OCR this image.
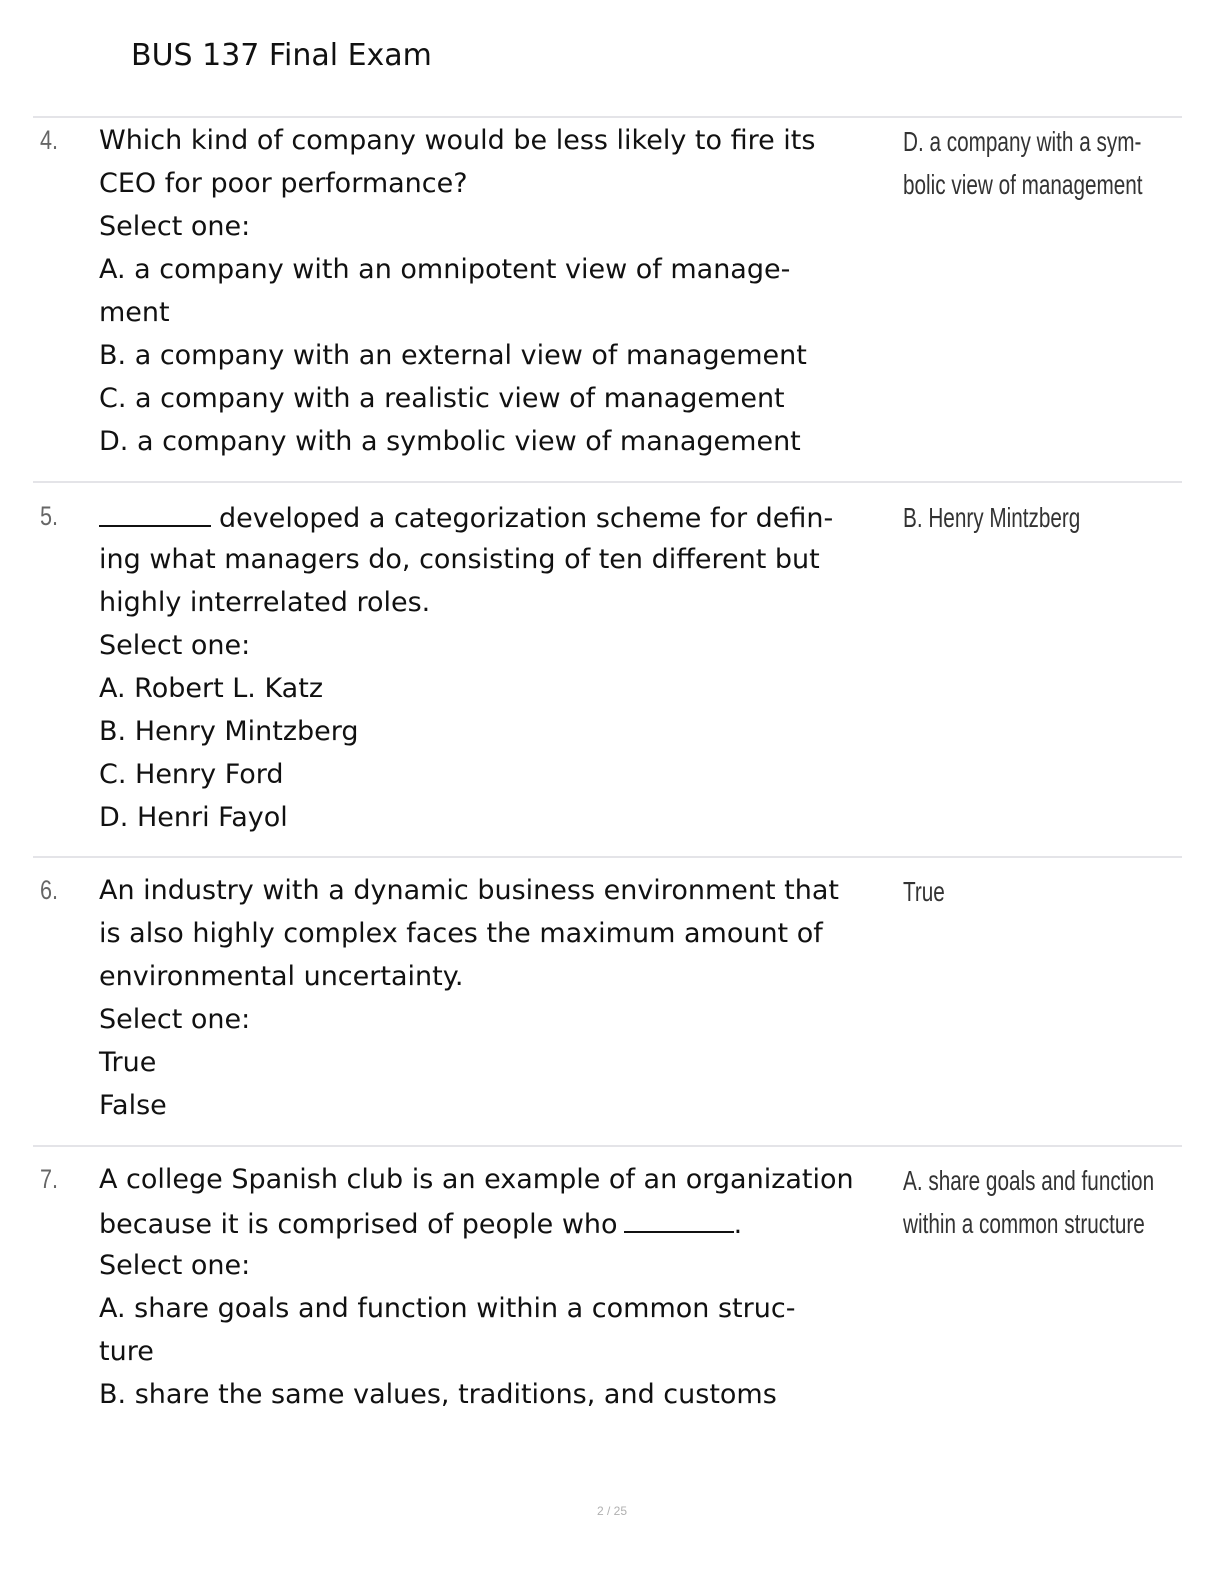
BUS 137 Final Exam
4. Which kind of company would be less likely to fire its
CEO for poor performance?
Select one:
A. a company with an omnipotent view of manage-
ment
B. a company with an external view of management
C. a company with a realistic view of management
D. a company with a symbolic view of management
D. a company with a sym-
bolic view of management
5.	developed a categorization scheme for defin-
ing what managers do, consisting of ten different but
highly interrelated roles.
Select one:
A. Robert L. Katz
B. Henry Mintzberg
C. Henry Ford
D. Henri Fayol
B. Henry Mintzberg
6. An industry with a dynamic business environment that
is also highly complex faces the maximum amount of
environmental uncertainty.
Select one:
True
False
True
7. A college Spanish club is an example of an organization
because it is comprised of people who	.
Select one:
A. share goals and function within a common struc-
ture
B. share the same values, traditions, and customs
A. share goals and function
within a common structure
2 / 25
